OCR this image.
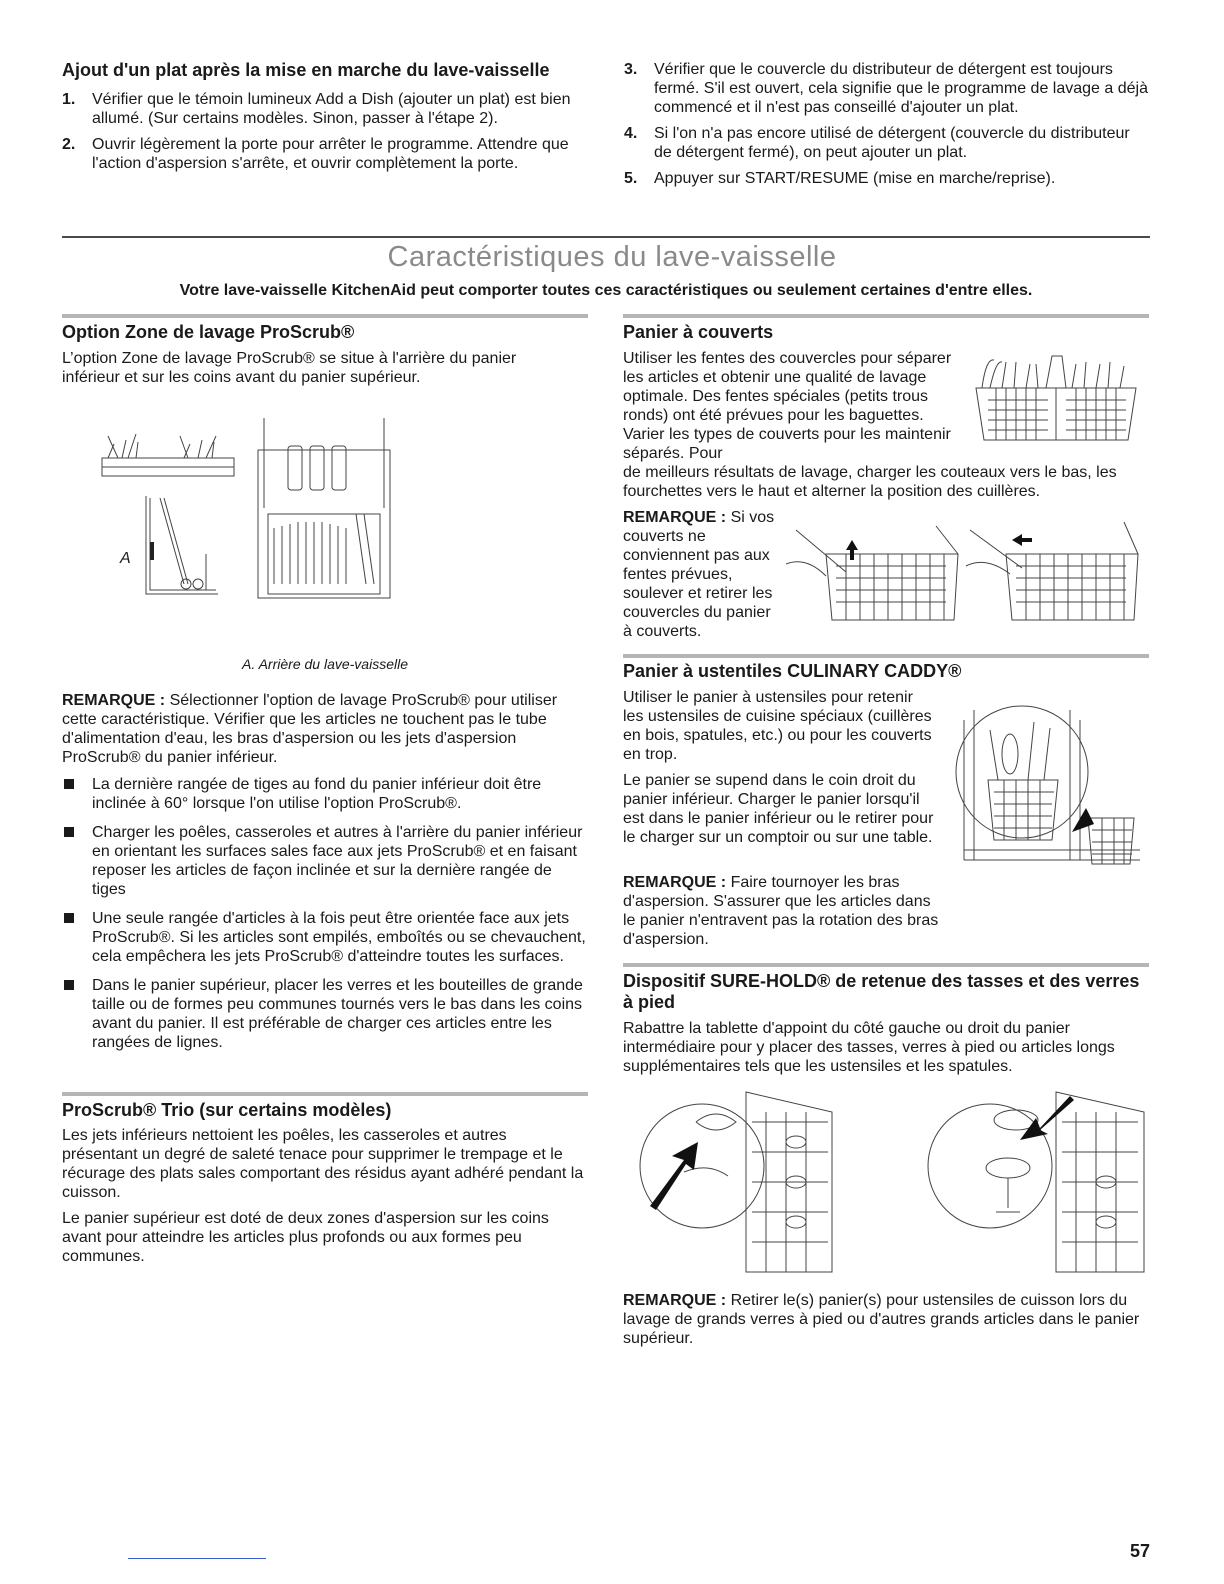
Ajout d'un plat après la mise en marche du lave-vaisselle
1. Vérifier que le témoin lumineux Add a Dish (ajouter un plat) est bien allumé. (Sur certains modèles. Sinon, passer à l'étape 2).
2. Ouvrir légèrement la porte pour arrêter le programme. Attendre que l'action d'aspersion s'arrête, et ouvrir complètement la porte.
3. Vérifier que le couvercle du distributeur de détergent est toujours fermé. S'il est ouvert, cela signifie que le programme de lavage a déjà commencé et il n'est pas conseillé d'ajouter un plat.
4. Si l'on n'a pas encore utilisé de détergent (couvercle du distributeur de détergent fermé), on peut ajouter un plat.
5. Appuyer sur START/RESUME (mise en marche/reprise).
Caractéristiques du lave-vaisselle
Votre lave-vaisselle KitchenAid peut comporter toutes ces caractéristiques ou seulement certaines d'entre elles.
Option Zone de lavage ProScrub®

L’option Zone de lavage ProScrub® se situe à l'arrière du panier inférieur et sur les coins avant du panier supérieur.

A

A. Arrière du lave-vaisselle

REMARQUE : Sélectionner l'option de lavage ProScrub® pour utiliser cette caractéristique. Vérifier que les articles ne touchent pas le tube d'alimentation d'eau, les bras d'aspersion ou les jets d'aspersion ProScrub® du panier inférieur.

La dernière rangée de tiges au fond du panier inférieur doit être inclinée à 60° lorsque l'on utilise l'option ProScrub®.
Charger les poêles, casseroles et autres à l'arrière du panier inférieur en orientant les surfaces sales face aux jets ProScrub® et en faisant reposer les articles de façon inclinée et sur la dernière rangée de tiges
Une seule rangée d'articles à la fois peut être orientée face aux jets ProScrub®. Si les articles sont empilés, emboîtés ou se chevauchent, cela empêchera les jets ProScrub® d'atteindre toutes les surfaces.
Dans le panier supérieur, placer les verres et les bouteilles de grande taille ou de formes peu communes tournés vers le bas dans les coins avant du panier. Il est préférable de charger ces articles entre les rangées de lignes.
ProScrub® Trio (sur certains modèles)

Les jets inférieurs nettoient les poêles, les casseroles et autres présentant un degré de saleté tenace pour supprimer le trempage et le récurage des plats sales comportant des résidus ayant adhéré pendant la cuisson.

Le panier supérieur est doté de deux zones d'aspersion sur les coins avant pour atteindre les articles plus profonds ou aux formes peu communes.

Panier à couverts

Utiliser les fentes des couvercles pour séparer les articles et obtenir une qualité de lavage optimale. Des fentes spéciales (petits trous ronds) ont été prévues pour les baguettes. Varier les types de couverts pour les maintenir séparés. Pour

de meilleurs résultats de lavage, charger les couteaux vers le bas, les fourchettes vers le haut et alterner la position des cuillères.

REMARQUE : Si vos couverts ne conviennent pas aux fentes prévues, soulever et retirer les couvercles du panier à couverts.

Panier à ustentiles CULINARY CADDY®

Utiliser le panier à ustensiles pour retenir les ustensiles de cuisine spéciaux (cuillères en bois, spatules, etc.) ou pour les couverts en trop.

Le panier se supend dans le coin droit du panier inférieur. Charger le panier lorsqu'il est dans le panier inférieur ou le retirer pour le charger sur un comptoir ou sur une table.

REMARQUE : Faire tournoyer les bras d'aspersion. S'assurer que les articles dans le panier n'entravent pas la rotation des bras d'aspersion.

Dispositif SURE-HOLD® de retenue des tasses et des verres à pied

Rabattre la tablette d'appoint du côté gauche ou droit du panier intermédiaire pour y placer des tasses, verres à pied ou articles longs supplémentaires tels que les ustensiles et les spatules.

REMARQUE : Retirer le(s) panier(s) pour ustensiles de cuisson lors du lavage de grands verres à pied ou d'autres grands articles dans le panier supérieur.

57
